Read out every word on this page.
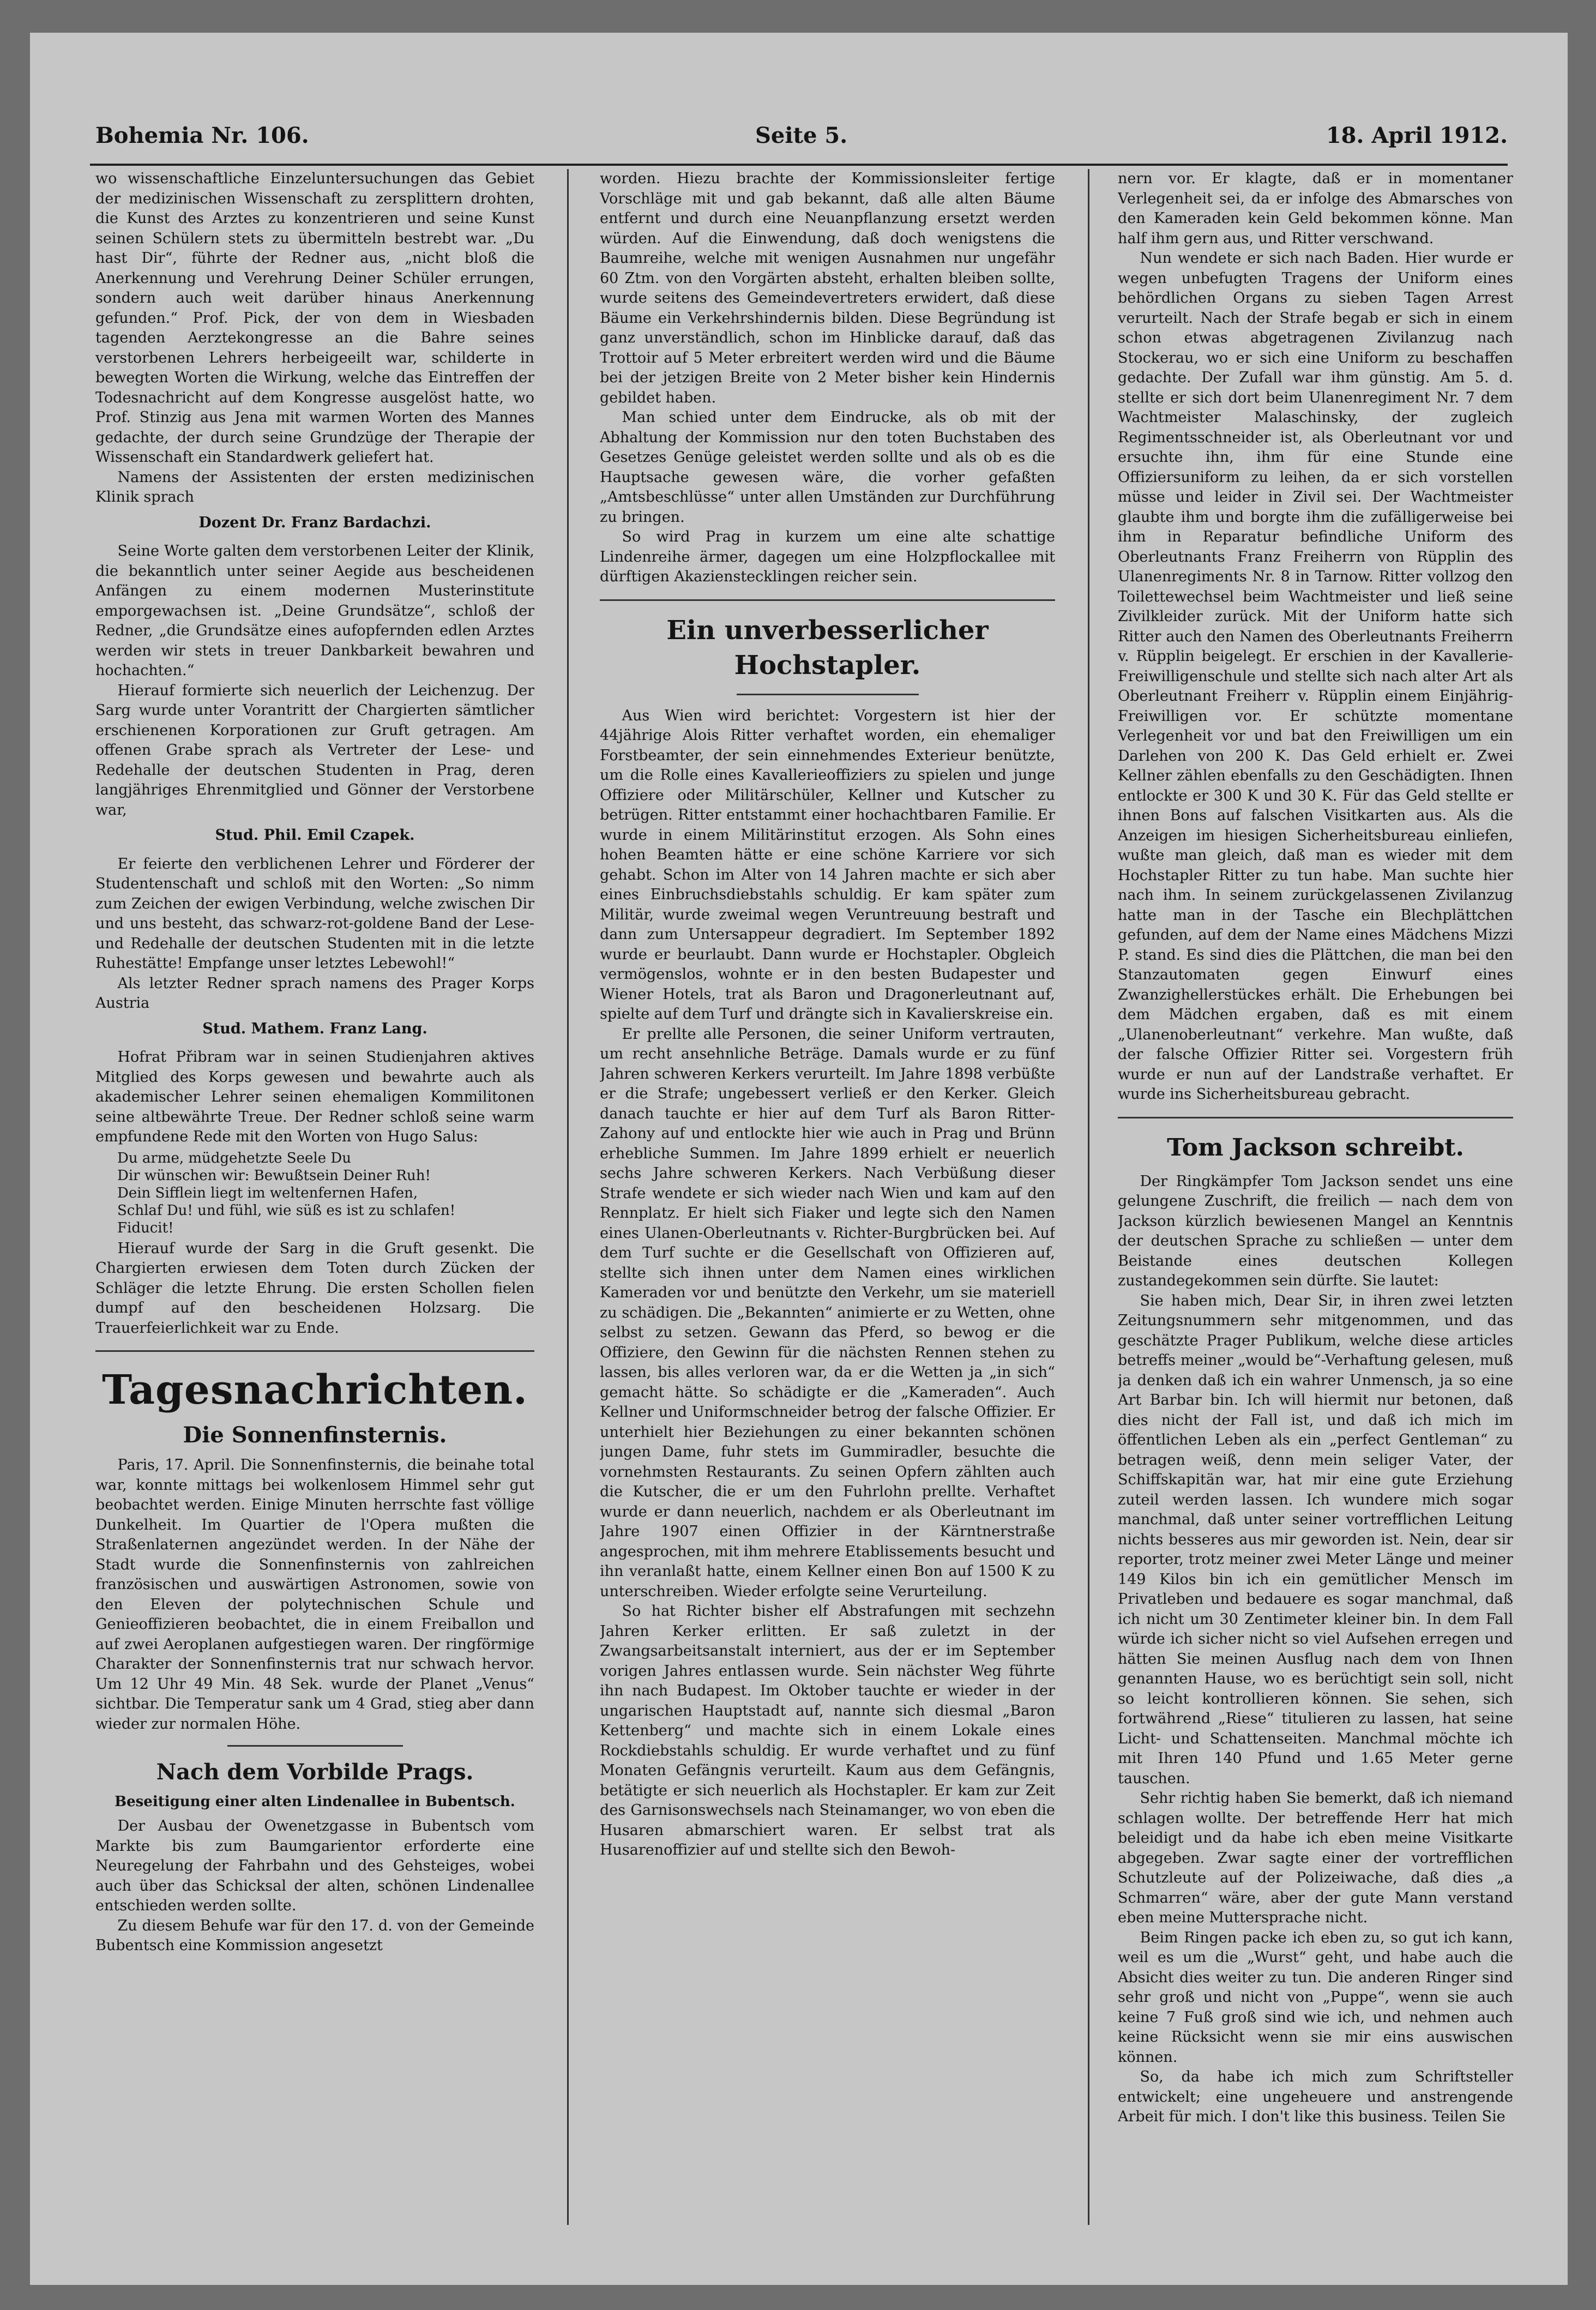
Bohemia Nr. 106.	Seite 5.	18. April 1912.

wo wissenschaftliche Einzeluntersuchungen das Gebiet der medizinischen Wissenschaft zu zersplittern drohten, die Kunst des Arztes zu konzentrieren und seine Kunst seinen Schülern stets zu übermitteln bestrebt war. „Du hast Dir“, führte der Redner aus, „nicht bloß die Anerkennung und Verehrung Deiner Schüler errungen, sondern auch weit darüber hinaus Anerkennung gefunden.“ Prof. Pick, der von dem in Wiesbaden tagenden Aerztekongresse an die Bahre seines verstorbenen Lehrers herbeigeeilt war, schilderte in bewegten Worten die Wirkung, welche das Eintreffen der Todesnachricht auf dem Kongresse ausgelöst hatte, wo Prof. Stinzig aus Jena mit warmen Worten des Mannes gedachte, der durch seine Grundzüge der Therapie der Wissenschaft ein Standardwerk geliefert hat.

Namens der Assistenten der ersten medizinischen Klinik sprach

Dozent Dr. Franz Bardachzi.

Seine Worte galten dem verstorbenen Leiter der Klinik, die bekanntlich unter seiner Aegide aus bescheidenen Anfängen zu einem modernen Musterinstitute emporgewachsen ist. „Deine Grundsätze“, schloß der Redner, „die Grundsätze eines aufopfernden edlen Arztes werden wir stets in treuer Dankbarkeit bewahren und hochachten.“

Hierauf formierte sich neuerlich der Leichenzug. Der Sarg wurde unter Vorantritt der Chargierten sämtlicher erschienenen Korporationen zur Gruft getragen. Am offenen Grabe sprach als Vertreter der Lese- und Redehalle der deutschen Studenten in Prag, deren langjähriges Ehrenmitglied und Gönner der Verstorbene war,

Stud. Phil. Emil Czapek.

Er feierte den verblichenen Lehrer und Förderer der Studentenschaft und schloß mit den Worten: „So nimm zum Zeichen der ewigen Verbindung, welche zwischen Dir und uns besteht, das schwarz-rot-goldene Band der Lese- und Redehalle der deutschen Studenten mit in die letzte Ruhestätte! Empfange unser letztes Lebewohl!“

Als letzter Redner sprach namens des Prager Korps Austria

Stud. Mathem. Franz Lang.

Hofrat Přibram war in seinen Studienjahren aktives Mitglied des Korps gewesen und bewahrte auch als akademischer Lehrer seinen ehemaligen Kommilitonen seine altbewährte Treue. Der Redner schloß seine warm empfundene Rede mit den Worten von Hugo Salus:

Du arme, müdgehetzte Seele Du
Dir wünschen wir: Bewußtsein Deiner Ruh!
Dein Sifflein liegt im weltenfernen Hafen,
Schlaf Du! und fühl, wie süß es ist zu schlafen!
Fiducit!

Hierauf wurde der Sarg in die Gruft gesenkt. Die Chargierten erwiesen dem Toten durch Zücken der Schläger die letzte Ehrung. Die ersten Schollen fielen dumpf auf den bescheidenen Holzsarg. Die Trauerfeierlichkeit war zu Ende.

Tagesnachrichten.
Die Sonnenfinsternis.

Paris, 17. April. Die Sonnenfinsternis, die beinahe total war, konnte mittags bei wolkenlosem Himmel sehr gut beobachtet werden. Einige Minuten herrschte fast völlige Dunkelheit. Im Quartier de l'Opera mußten die Straßenlaternen angezündet werden. In der Nähe der Stadt wurde die Sonnenfinsternis von zahlreichen französischen und auswärtigen Astronomen, sowie von den Eleven der polytechnischen Schule und Genieoffizieren beobachtet, die in einem Freiballon und auf zwei Aeroplanen aufgestiegen waren. Der ringförmige Charakter der Sonnenfinsternis trat nur schwach hervor. Um 12 Uhr 49 Min. 48 Sek. wurde der Planet „Venus“ sichtbar. Die Temperatur sank um 4 Grad, stieg aber dann wieder zur normalen Höhe.

Nach dem Vorbilde Prags.
Beseitigung einer alten Lindenallee in Bubentsch.

Der Ausbau der Owenetzgasse in Bubentsch vom Markte bis zum Baumgarientor erforderte eine Neuregelung der Fahrbahn und des Gehsteiges, wobei auch über das Schicksal der alten, schönen Lindenallee entschieden werden sollte.

Zu diesem Behufe war für den 17. d. von der Gemeinde Bubentsch eine Kommission angesetzt

worden. Hiezu brachte der Kommissionsleiter fertige Vorschläge mit und gab bekannt, daß alle alten Bäume entfernt und durch eine Neuanpflanzung ersetzt werden würden. Auf die Einwendung, daß doch wenigstens die Baumreihe, welche mit wenigen Ausnahmen nur ungefähr 60 Ztm. von den Vorgärten absteht, erhalten bleiben sollte, wurde seitens des Gemeindevertreters erwidert, daß diese Bäume ein Verkehrshindernis bilden. Diese Begründung ist ganz unverständlich, schon im Hinblicke darauf, daß das Trottoir auf 5 Meter erbreitert werden wird und die Bäume bei der jetzigen Breite von 2 Meter bisher kein Hindernis gebildet haben.

Man schied unter dem Eindrucke, als ob mit der Abhaltung der Kommission nur den toten Buchstaben des Gesetzes Genüge geleistet werden sollte und als ob es die Hauptsache gewesen wäre, die vorher gefaßten „Amtsbeschlüsse“ unter allen Umständen zur Durchführung zu bringen.

So wird Prag in kurzem um eine alte schattige Lindenreihe ärmer, dagegen um eine Holzpflockallee mit dürftigen Akazienstecklingen reicher sein.

Ein unverbesserlicher Hochstapler.

Aus Wien wird berichtet: Vorgestern ist hier der 44jährige Alois Ritter verhaftet worden, ein ehemaliger Forstbeamter, der sein einnehmendes Exterieur benützte, um die Rolle eines Kavallerieoffiziers zu spielen und junge Offiziere oder Militärschüler, Kellner und Kutscher zu betrügen. Ritter entstammt einer hochachtbaren Familie. Er wurde in einem Militärinstitut erzogen. Als Sohn eines hohen Beamten hätte er eine schöne Karriere vor sich gehabt. Schon im Alter von 14 Jahren machte er sich aber eines Einbruchsdiebstahls schuldig. Er kam später zum Militär, wurde zweimal wegen Veruntreuung bestraft und dann zum Untersappeur degradiert. Im September 1892 wurde er beurlaubt. Dann wurde er Hochstapler. Obgleich vermögenslos, wohnte er in den besten Budapester und Wiener Hotels, trat als Baron und Dragonerleutnant auf, spielte auf dem Turf und drängte sich in Kavalierskreise ein.

Er prellte alle Personen, die seiner Uniform vertrauten, um recht ansehnliche Beträge. Damals wurde er zu fünf Jahren schweren Kerkers verurteilt. Im Jahre 1898 verbüßte er die Strafe; ungebessert verließ er den Kerker. Gleich danach tauchte er hier auf dem Turf als Baron Ritter-Zahony auf und entlockte hier wie auch in Prag und Brünn erhebliche Summen. Im Jahre 1899 erhielt er neuerlich sechs Jahre schweren Kerkers. Nach Verbüßung dieser Strafe wendete er sich wieder nach Wien und kam auf den Rennplatz. Er hielt sich Fiaker und legte sich den Namen eines Ulanen-Oberleutnants v. Richter-Burgbrücken bei. Auf dem Turf suchte er die Gesellschaft von Offizieren auf, stellte sich ihnen unter dem Namen eines wirklichen Kameraden vor und benützte den Verkehr, um sie materiell zu schädigen. Die „Bekannten“ animierte er zu Wetten, ohne selbst zu setzen. Gewann das Pferd, so bewog er die Offiziere, den Gewinn für die nächsten Rennen stehen zu lassen, bis alles verloren war, da er die Wetten ja „in sich“ gemacht hätte. So schädigte er die „Kameraden“. Auch Kellner und Uniformschneider betrog der falsche Offizier. Er unterhielt hier Beziehungen zu einer bekannten schönen jungen Dame, fuhr stets im Gummiradler, besuchte die vornehmsten Restaurants. Zu seinen Opfern zählten auch die Kutscher, die er um den Fuhrlohn prellte. Verhaftet wurde er dann neuerlich, nachdem er als Oberleutnant im Jahre 1907 einen Offizier in der Kärntnerstraße angesprochen, mit ihm mehrere Etablissements besucht und ihn veranlaßt hatte, einem Kellner einen Bon auf 1500 K zu unterschreiben. Wieder erfolgte seine Verurteilung.

So hat Richter bisher elf Abstrafungen mit sechzehn Jahren Kerker erlitten. Er saß zuletzt in der Zwangsarbeitsanstalt interniert, aus der er im September vorigen Jahres entlassen wurde. Sein nächster Weg führte ihn nach Budapest. Im Oktober tauchte er wieder in der ungarischen Hauptstadt auf, nannte sich diesmal „Baron Kettenberg“ und machte sich in einem Lokale eines Rockdiebstahls schuldig. Er wurde verhaftet und zu fünf Monaten Gefängnis verurteilt. Kaum aus dem Gefängnis, betätigte er sich neuerlich als Hochstapler. Er kam zur Zeit des Garnisonswechsels nach Steinamanger, wo von eben die Husaren abmarschiert waren. Er selbst trat als Husarenoffizier auf und stellte sich den Bewoh-

nern vor. Er klagte, daß er in momentaner Verlegenheit sei, da er infolge des Abmarsches von den Kameraden kein Geld bekommen könne. Man half ihm gern aus, und Ritter verschwand.

Nun wendete er sich nach Baden. Hier wurde er wegen unbefugten Tragens der Uniform eines behördlichen Organs zu sieben Tagen Arrest verurteilt. Nach der Strafe begab er sich in einem schon etwas abgetragenen Zivilanzug nach Stockerau, wo er sich eine Uniform zu beschaffen gedachte. Der Zufall war ihm günstig. Am 5. d. stellte er sich dort beim Ulanenregiment Nr. 7 dem Wachtmeister Malaschinsky, der zugleich Regimentsschneider ist, als Oberleutnant vor und ersuchte ihn, ihm für eine Stunde eine Offiziersuniform zu leihen, da er sich vorstellen müsse und leider in Zivil sei. Der Wachtmeister glaubte ihm und borgte ihm die zufälligerweise bei ihm in Reparatur befindliche Uniform des Oberleutnants Franz Freiherrn von Rüpplin des Ulanenregiments Nr. 8 in Tarnow. Ritter vollzog den Toilettewechsel beim Wachtmeister und ließ seine Zivilkleider zurück. Mit der Uniform hatte sich Ritter auch den Namen des Oberleutnants Freiherrn v. Rüpplin beigelegt. Er erschien in der Kavallerie-Freiwilligenschule und stellte sich nach alter Art als Oberleutnant Freiherr v. Rüpplin einem Einjährig-Freiwilligen vor. Er schützte momentane Verlegenheit vor und bat den Freiwilligen um ein Darlehen von 200 K. Das Geld erhielt er. Zwei Kellner zählen ebenfalls zu den Geschädigten. Ihnen entlockte er 300 K und 30 K. Für das Geld stellte er ihnen Bons auf falschen Visitkarten aus. Als die Anzeigen im hiesigen Sicherheitsbureau einliefen, wußte man gleich, daß man es wieder mit dem Hochstapler Ritter zu tun habe. Man suchte hier nach ihm. In seinem zurückgelassenen Zivilanzug hatte man in der Tasche ein Blechplättchen gefunden, auf dem der Name eines Mädchens Mizzi P. stand. Es sind dies die Plättchen, die man bei den Stanzautomaten gegen Einwurf eines Zwanzighellerstückes erhält. Die Erhebungen bei dem Mädchen ergaben, daß es mit einem „Ulanenoberleutnant“ verkehre. Man wußte, daß der falsche Offizier Ritter sei. Vorgestern früh wurde er nun auf der Landstraße verhaftet. Er wurde ins Sicherheitsbureau gebracht.

Tom Jackson schreibt.

Der Ringkämpfer Tom Jackson sendet uns eine gelungene Zuschrift, die freilich — nach dem von Jackson kürzlich bewiesenen Mangel an Kenntnis der deutschen Sprache zu schließen — unter dem Beistande eines deutschen Kollegen zustandegekommen sein dürfte. Sie lautet:

Sie haben mich, Dear Sir, in ihren zwei letzten Zeitungsnummern sehr mitgenommen, und das geschätzte Prager Publikum, welche diese articles betreffs meiner „would be“-Verhaftung gelesen, muß ja denken daß ich ein wahrer Unmensch, ja so eine Art Barbar bin. Ich will hiermit nur betonen, daß dies nicht der Fall ist, und daß ich mich im öffentlichen Leben als ein „perfect Gentleman“ zu betragen weiß, denn mein seliger Vater, der Schiffskapitän war, hat mir eine gute Erziehung zuteil werden lassen. Ich wundere mich sogar manchmal, daß unter seiner vortrefflichen Leitung nichts besseres aus mir geworden ist. Nein, dear sir reporter, trotz meiner zwei Meter Länge und meiner 149 Kilos bin ich ein gemütlicher Mensch im Privatleben und bedauere es sogar manchmal, daß ich nicht um 30 Zentimeter kleiner bin. In dem Fall würde ich sicher nicht so viel Aufsehen erregen und hätten Sie meinen Ausflug nach dem von Ihnen genannten Hause, wo es berüchtigt sein soll, nicht so leicht kontrollieren können. Sie sehen, sich fortwährend „Riese“ titulieren zu lassen, hat seine Licht- und Schattenseiten. Manchmal möchte ich mit Ihren 140 Pfund und 1.65 Meter gerne tauschen.

Sehr richtig haben Sie bemerkt, daß ich niemand schlagen wollte. Der betreffende Herr hat mich beleidigt und da habe ich eben meine Visitkarte abgegeben. Zwar sagte einer der vortrefflichen Schutzleute auf der Polizeiwache, daß dies „a Schmarren“ wäre, aber der gute Mann verstand eben meine Muttersprache nicht.

Beim Ringen packe ich eben zu, so gut ich kann, weil es um die „Wurst“ geht, und habe auch die Absicht dies weiter zu tun. Die anderen Ringer sind sehr groß und nicht von „Puppe“, wenn sie auch keine 7 Fuß groß sind wie ich, und nehmen auch keine Rücksicht wenn sie mir eins auswischen können.

So, da habe ich mich zum Schriftsteller entwickelt; eine ungeheuere und anstrengende Arbeit für mich. I don't like this business. Teilen Sie
